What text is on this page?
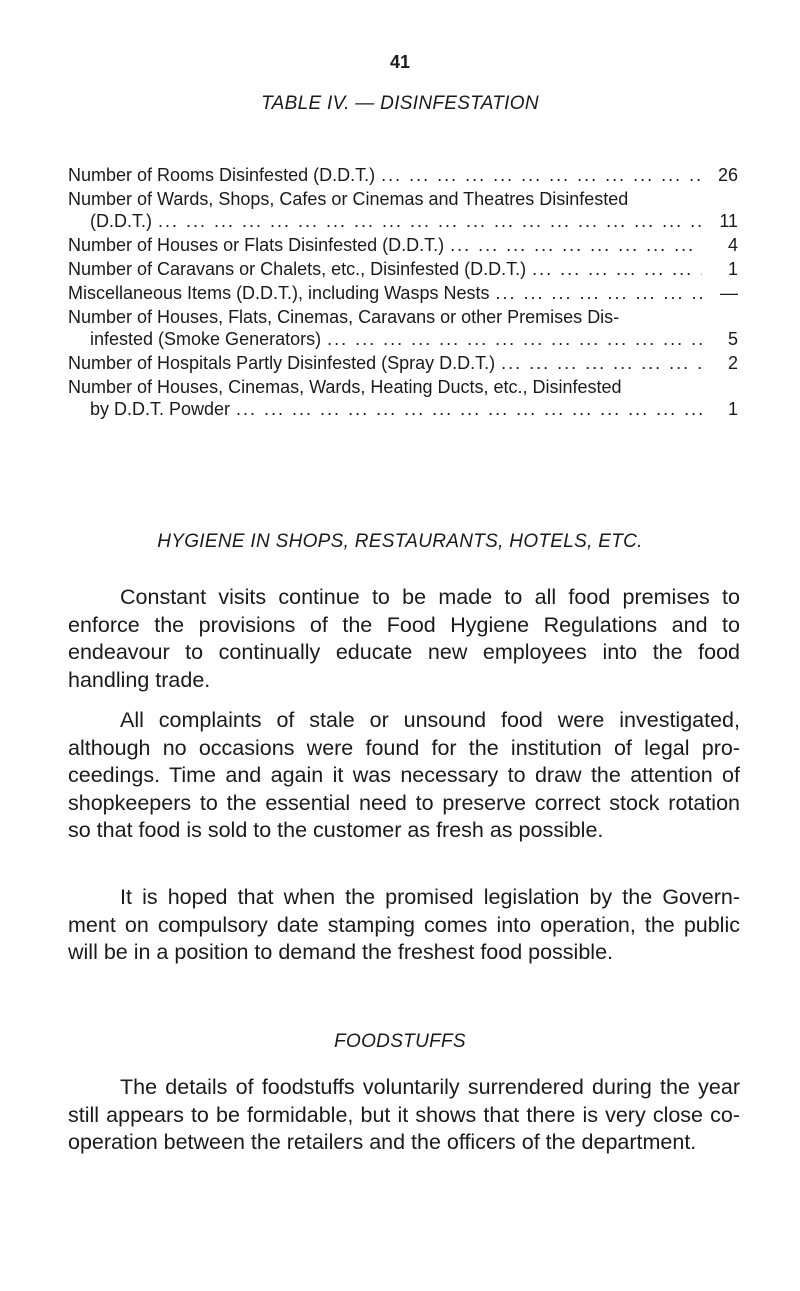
41
TABLE IV. — DISINFESTATION
Number of Rooms Disinfested (D.D.T.) ... .	26
Number of Wards, Shops, Cafes or Cinemas and Theatres Disinfested
(D.D.T.) ... .	11
Number of Houses or Flats Disinfested (D.D.T.) ... .	4
Number of Caravans or Chalets, etc., Disinfested (D.D.T.) ... .	1
Miscellaneous Items (D.D.T.), including Wasps Nests ... .	—
Number of Houses, Flats, Cinemas, Caravans or other Premises Dis-
infested (Smoke Generators) ... .	5
Number of Hospitals Partly Disinfested (Spray D.D.T.) ... .	2
Number of Houses, Cinemas, Wards, Heating Ducts, etc., Disinfested
by D.D.T. Powder ... .	1
HYGIENE IN SHOPS, RESTAURANTS, HOTELS, ETC.
Constant visits continue to be made to all food premises to enforce the provisions of the Food Hygiene Regulations and to endeavour to continually educate new employees into the food handling trade.
All complaints of stale or unsound food were investigated, although no occasions were found for the institution of legal pro-ceedings. Time and again it was necessary to draw the attention of shopkeepers to the essential need to preserve correct stock rotation so that food is sold to the customer as fresh as possible.
It is hoped that when the promised legislation by the Govern-ment on compulsory date stamping comes into operation, the public will be in a position to demand the freshest food possible.
FOODSTUFFS
The details of foodstuffs voluntarily surrendered during the year still appears to be formidable, but it shows that there is very close co-operation between the retailers and the officers of the department.
